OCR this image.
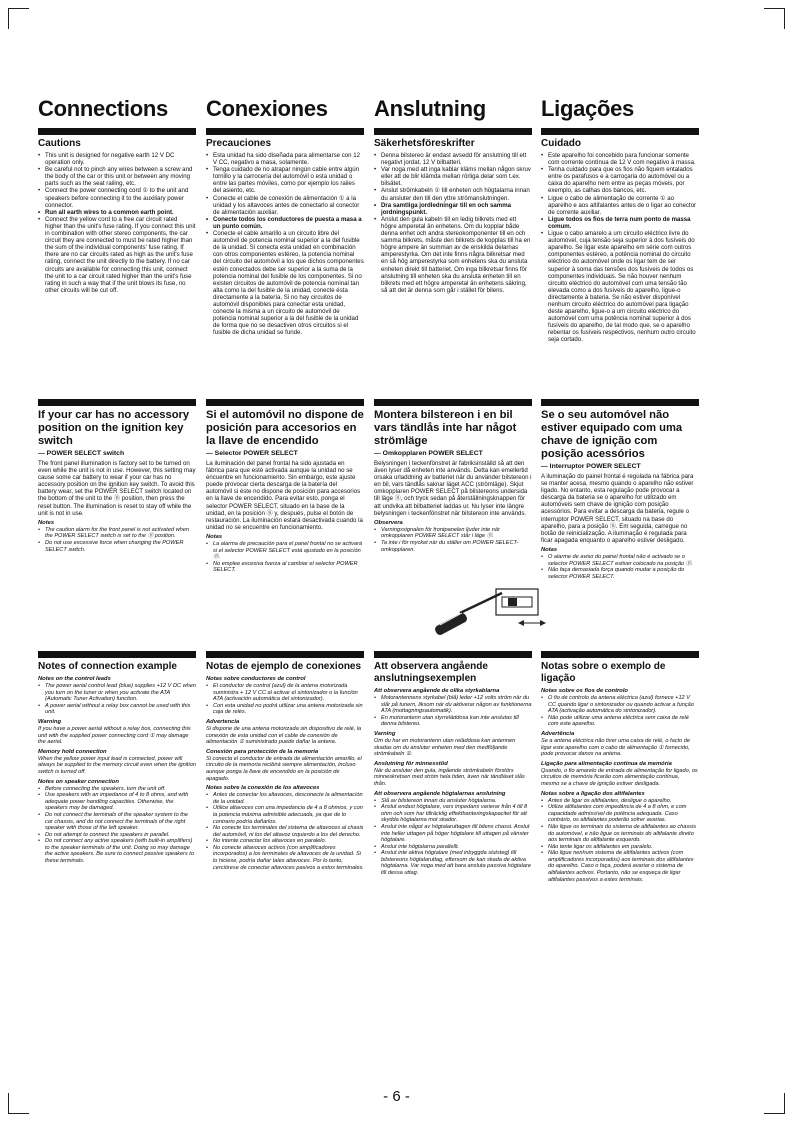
Connections Conexiones Anslutning	Ligações
Cautions
• This unit is designed for negative earth 12 V DC operation only.
• Be careful not to pinch any wires between a screw and the body of the car or this unit or between any moving parts such as the seat railing, etc.
• Connect the power connecting cord ① to the unit and speakers before connecting it to the auxiliary power connector.
• Run all earth wires to a common earth point.
• Connect the yellow cord to a free car circuit rated higher than the unit's fuse rating. If you connect this unit in combination with other stereo components, the car circuit they are connected to must be rated higher than the sum of the individual components' fuse rating. If there are no car circuits rated as high as the unit's fuse rating, connect the unit directly to the battery. If no car circuits are available for connecting this unit, connect the unit to a car circuit rated higher than the unit's fuse rating in such a way that if the unit blows its fuse, no other circuits will be cut off.
Precauciones
• Esta unidad ha sido diseñada para alimentarse con 12 V CC, negativo a masa, solamente.
• Tenga cuidado de no atrapar ningún cable entre algún tornillo y la carrocería del automóvil o esta unidad o entre las partes móviles, como por ejemplo los railes del asiento, etc.
• Conecte el cable de conexión de alimentación ① a la unidad y los altavoces antes de conectarlo al conector de alimentación auxiliar.
• Conecte todos los conductores de puesta a masa a un punto común.
• Conecte el cable amarillo a un circuito libre del automóvil de potencia nominal superior a la del fusible de la unidad. Si conecta esta unidad en combinación con otros componentes estéreo, la potencia nominal del circuito del automóvil a los que dichos componentes estén conectados debe ser superior a la suma de la potencia nominal del fusible de los componentes. Si no existen circuitos de automóvil de potencia nominal tan alta como la del fusible de la unidad, conecte ésta directamente a la batería. Si no hay circuitos de automóvil disponibles para conectar esta unidad, conecte la misma a un circuito de automóvil de potencia nominal superior a la del fusible de la unidad de forma que no se desactiven otros circuitos si el fusible de dicha unidad se funde.
Säkerhetsföreskrifter
• Denna bilstereo är endast avsedd för anslutning till ett negativt jordat, 12 V bilbatteri.
• Var noga med att inga kablar kläms mellan någon skruv eller att de blir klämda mellan rörliga delar som t.ex. bilsätet.
• Anslut strömkabeln ① till enheten och högtalarna innan du ansluter den till den yttre strömanslutningen.
• Dra samtliga jordledningar till en och samma jordningspunkt.
• Anslut den gula kabeln till en ledig bilkrets med ett högre amperetal än enhetens. Om du kopplar både denna enhet och andra stereokomponenter till en och samma bilkrets, måste den bilkrets de kopplas till ha en högre ampere än summan av de enskilda delarnas amperestyrka. Om det inte finns några bilkretsar med en så hög amperestyrka som enhetens ska du ansluta enheten direkt till batteriet. Om inga bilkretsar finns för anslutning till enheten ska du ansluta enheten till en bilkrets med ett högre amperetal än enhetens säkring, så att det är denna som går i stället för bilens.
Cuidado
• Este aparelho foi concebido para funcionar somente com corrente contínua de 12 V com negativo à massa.
• Tenha cuidado para que os fios não fiquem entalados entre os parafusos e a carroçaria do automóvel ou a caixa do aparelho nem entre as peças móveis, por exemplo, as calhas dos bancos, etc.
• Ligue o cabo de alimentação de corrente ① ao aparelho e aos altifalantes antes de o ligar ao conector de corrente auxiliar.
• Ligue todos os fios de terra num ponto de massa comum.
• Ligue o cabo amarelo a um circuito eléctrico livre do automóvel, cuja tensão seja superior à dos fusíveis do aparelho. Se ligar este aparelho em série com outros componentes estéreo, a potência nominal do circuito eléctrico do automóvel onde os ligar tem de ser superior à soma das tensões dos fusíveis de todos os componentes individuais. Se não houver nenhum circuito eléctrico do automóvel com uma tensão tão elevada como a dos fusíveis do aparelho, ligue-o directamente à bateria. Se não estiver disponível nenhum circuito eléctrico do automóvel para ligação deste aparelho, ligue-o a um circuito eléctrico do automóvel com uma potência nominal superior à dos fusíveis do aparelho, de tal modo que, se o aparelho rebentar os fusíveis respectivos, nenhum outro circuito seja cortado.
If your car has no accessory position on the ignition key switch
— POWER SELECT switch

The front panel illumination is factory set to be turned on even while the unit is not in use. However, this setting may cause some car battery to wear if your car has no accessory position on the ignition key switch. To avoid this battery wear, set the POWER SELECT switch located on the bottom of the unit to the Ⓑ position, then press the reset button. The illumination is reset to stay off while the unit is not in use.

Notes
• The caution alarm for the front panel is not activated when the POWER SELECT switch is set to the Ⓑ position.
• Do not use excessive force when changing the POWER SELECT switch.
Si el automóvil no dispone de posición para accesorios en la llave de encendido
— Selector POWER SELECT

La iluminación del panel frontal ha sido ajustada en fábrica para que esté activada aunque la unidad no se encuentre en funcionamiento. Sin embargo, este ajuste puede provocar cierta descarga de la batería del automóvil si éste no dispone de posición para accesorios en la llave de encendido. Para evitar esto, ponga el selector POWER SELECT, situado en la base de la unidad, en la posición Ⓑ y, después, pulse el botón de restauración. La iluminación estará desactivada cuando la unidad no se encuentre en funcionamiento.

Notas
• La alarma de precaución para el panel frontal no se activará si el selector POWER SELECT está ajustado en la posición Ⓑ.
• No emplee excesiva fuerza al cambiar el selector POWER SELECT.
Montera bilstereon i en bil vars tändlås inte har något strömläge
— Omkopplaren POWER SELECT

Belysningen i teckenfönstret är fabriksinställd så att den även lyser då enheten inte används. Detta kan emellertid orsaka urladdning av batteriet när du använder bilstereon i en bil, vars tändlås saknar läget ACC (strömläge). Skjut omkopplaren POWER SELECT på bilstereons undersida till läge Ⓑ, och tryck sedan på återställningsknappen för att undvika att bilbatteriet laddas ur. Nu lyser inte längre belysningen i teckenfönstret när bilstereon inte används.

Observera
• Varningssignalen för frontpanelen ljuder inte när omkopplaren POWER SELECT står i läge Ⓑ.
• Ta inte i för mycket när du ställer om POWER SELECT-omkopplaren.
Se o seu automóvel não estiver equipado com uma chave de ignição com posição acessórios
— Interruptor POWER SELECT

A iluminação do painel frontal é regulada na fábrica para se manter acesa, mesmo quando o aparelho não estiver ligado. No entanto, esta regulação pode provocar a descarga da bateria se o aparelho for utilizado em automóveis sem chave de ignição com posição acessórios. Para evitar a descarga da bateria, regule o interruptor POWER SELECT, situado na base do aparelho, para a posição Ⓑ. Em seguida, carregue no botão de reinicialização. A iluminação é regulada para ficar apagada enquanto o aparelho estiver desligado.

Notas
• O alarme de aviso do painel frontal não é activado se o selector POWER SELECT estiver colocado na posição Ⓑ.
• Não faça demasiada força quando mudar a posição do selector POWER SELECT.
Notes of connection example
Notes on the control leads
• The power aerial control lead (blue) supplies +12 V DC when you turn on the tuner or when you activate the ATA (Automatic Tuner Activation) function.
• A power aerial without a relay box cannot be used with this unit.
Warning

If you have a power aerial without a relay box, connecting this unit with the supplied power connecting cord ① may damage the aerial.

Memory hold connection

When the yellow power input lead is connected, power will always be supplied to the memory circuit even when the ignition switch is turned off.

Notes on speaker connection
• Before connecting the speakers, turn the unit off.
• Use speakers with an impedance of 4 to 8 ohms, and with adequate power handling capacities. Otherwise, the speakers may be damaged.
• Do not connect the terminals of the speaker system to the car chassis, and do not connect the terminals of the right speaker with those of the left speaker.
• Do not attempt to connect the speakers in parallel.
• Do not connect any active speakers (with built-in amplifiers) to the speaker terminals of the unit. Doing so may damage the active speakers. Be sure to connect passive speakers to these terminals.
Notas de ejemplo de conexiones
Notas sobre conductores de control
• El conductor de control (azul) de la antena motorizada suministra + 12 V CC al activar el sintonizador o la función ATA (activación automática del sintonizador).
• Con esta unidad no podrá utilizar una antena motorizada sin caja de relés.
Advertencia

Si dispone de una antena motorizada sin dispositivo de relé, la conexión de esta unidad con el cable de conexión de alimentación ① suministrado puede dañar la antena.

Conexión para protección de la memoria

Si conecta el conductor de entrada de alimentación amarillo, el circuito de la memoria recibirá siempre alimentación, incluso aunque ponga la llave de encendido en la posición de apagado.

Notas sobre la conexión de los altavoces
• Antes de conectar los altavoces, desconecte la alimentación de la unidad.
• Utilice altavoces con una impedancia de 4 a 8 ohmios, y con la potencia máxima admisible adecuada, ya que de lo contrario podría dañarlos.
• No conecte los terminales del sistema de altavoces al chasis del automóvil, ni los del altavoz izquierdo a los del derecho.
• No intente conectar los altavoces en paralelo.
• No conecte altavoces activos (con amplificadores incorporados) a los terminales de altavoces de la unidad. Si lo hiciese, podría dañar tales altavoces. Por lo tanto, cerciórese de conectar altavoces pasivos a estos terminales.
Att observera angående anslutningsexemplen
Att observera angående de olika styrkablarna
• Motorantennens styrkabel (blå) leder +12 volts ström när du slår på tunern, liksom när du aktiverar någon av funktionerna ATA (mottagningsautomatik).
• En motorantenn utan styrreläddosa kan inte anslutas till denna bilstereo.
Varning

Om du har en motorantenn utan reläddosa kan antennen skadas om du ansluter enheten med den medföljande strömkabeln ①.

Anslutning för minnesstöd

När du ansluter den gula, ingående strömkabeln förstörs minneskretsen med ström hela tiden, även när tändläset slås ifrån.

Att observera angående högtalarnas anslutning
• Slå av bilstereon innan du ansluter högtalarna.
• Anslut endast högtalare, vars impedans varierar från 4 till 8 ohm och som har tillräcklig effekthanteringskapacitet för att skydda högtalarna mot skador.
• Anslut inte något av högtalaruttagen till bilens chassi. Anslut inte heller uttagen på höger högtalare till uttagen på vänster högtalare.
• Anslut inte högtalarna parallellt.
• Anslut inte aktiva högtalare (med inbyggda slutsteg) till bilstereons högtalaruttag, eftersom de kan skada de aktiva högtalarna. Var noga med att bara ansluta passiva högtalare till dessa uttag.
Notas sobre o exemplo de ligação
Notas sobre os fios de controlo
• O fio de controlo da antena eléctrica (azul) fornece +12 V CC quando ligar o sintonizador ou quando activar a função ATA (activação automática do sintonizador).
• Não pode utilizar uma antena eléctrica sem caixa de relé com este aparelho.
Advertência

Se a antena eléctrica não tiver uma caixa de relé, o facto de ligar este aparelho com o cabo de alimentação ① fornecido, pode provocar danos na antena.

Ligação para alimentação contínua da memória

Quando, o fio amarelo de entrada de alimentação for ligado, os circuitos de memória ficarão com alimentação contínua, mesmo se a chave de ignição estiver desligada.

Notas sobre a ligação dos altifalantes
• Antes de ligar os altifalantes, desligue o aparelho.
• Utilize altifalantes com impedância de 4 a 8 ohm, e com capacidade admissível de potência adequada. Caso contrário, os altifalantes poderão sofrer avarias.
• Não ligue os terminais do sistema de altifalantes ao chassis do automóvel, e não ligue os terminais do altifalante direito aos terminais do altifalante esquerdo.
• Não tente ligar os altifalantes em paralelo.
• Não ligue nenhum sistema de altifalantes activos (com amplificadores incorporados) aos terminais dos altifalantes do aparelho. Caso o faça, poderá avariar o sistema de altifalantes activos. Portanto, não se esqueça de ligar altifalantes passivos a estes terminais.
- 6 -
